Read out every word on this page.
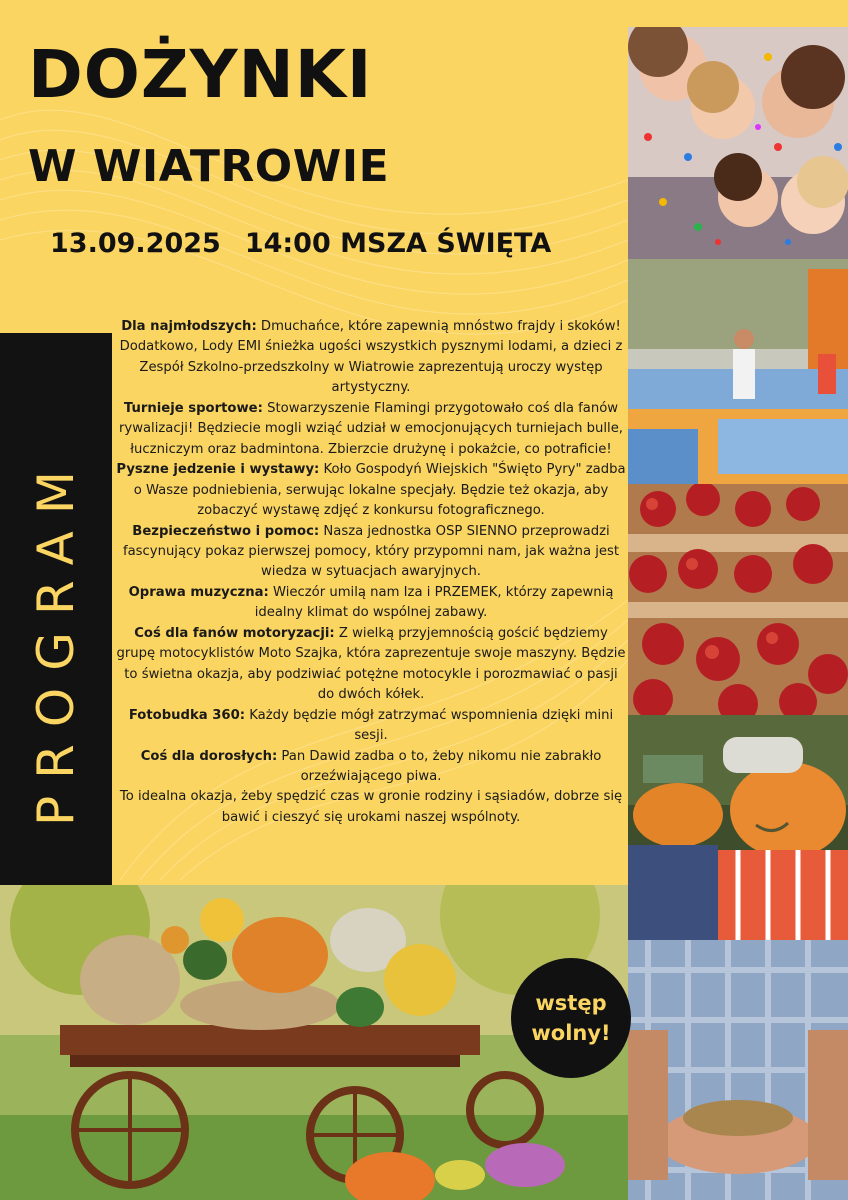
DOŻYNKI
W WIATROWIE
13.09.2025 14:00 MSZA ŚWIĘTA
PROGRAM

Dla najmłodszych: Dmuchańce, które zapewnią mnóstwo frajdy i skoków! Dodatkowo, Lody EMI śnieżka ugości wszystkich pysznymi lodami, a dzieci z Zespół Szkolno-przedszkolny w Wiatrowie zaprezentują uroczy występ artystyczny.

Turnieje sportowe: Stowarzyszenie Flamingi przygotowało coś dla fanów rywalizacji! Będziecie mogli wziąć udział w emocjonujących turniejach bulle, łuczniczym oraz badmintona. Zbierzcie drużynę i pokażcie, co potraficie!

Pyszne jedzenie i wystawy: Koło Gospodyń Wiejskich "Święto Pyry" zadba o Wasze podniebienia, serwując lokalne specjały. Będzie też okazja, aby zobaczyć wystawę zdjęć z konkursu fotograficznego.

Bezpieczeństwo i pomoc: Nasza jednostka OSP SIENNO przeprowadzi fascynujący pokaz pierwszej pomocy, który przypomni nam, jak ważna jest wiedza w sytuacjach awaryjnych.

Oprawa muzyczna: Wieczór umilą nam Iza i PRZEMEK, którzy zapewnią idealny klimat do wspólnej zabawy.

Coś dla fanów motoryzacji: Z wielką przyjemnością gościć będziemy grupę motocyklistów Moto Szajka, która zaprezentuje swoje maszyny. Będzie to świetna okazja, aby podziwiać potężne motocykle i porozmawiać o pasji do dwóch kółek.

Fotobudka 360: Każdy będzie mógł zatrzymać wspomnienia dzięki mini sesji.

Coś dla dorosłych: Pan Dawid zadba o to, żeby nikomu nie zabrakło orzeźwiającego piwa.

To idealna okazja, żeby spędzić czas w gronie rodziny i sąsiadów, dobrze się bawić i cieszyć się urokami naszej wspólnoty.

wstęp
wolny!
